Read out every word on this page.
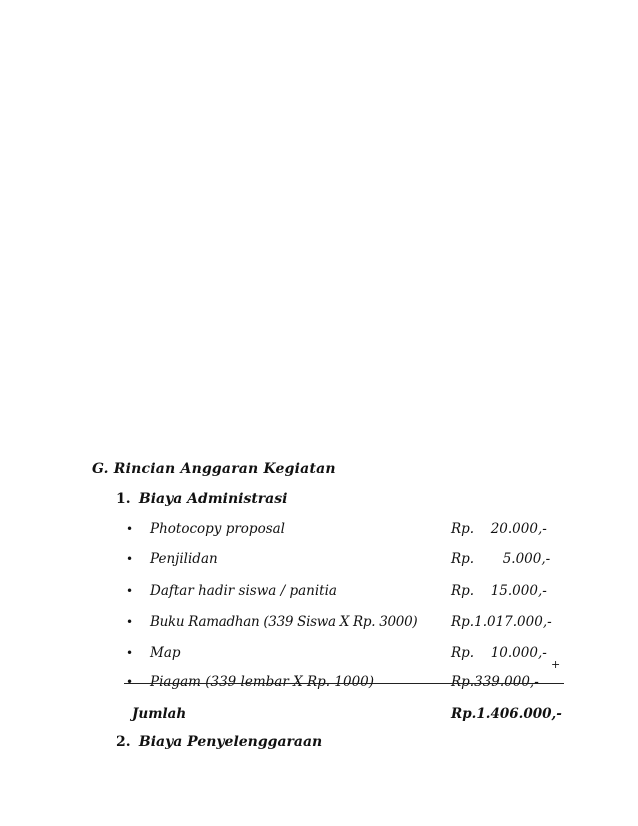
G. Rincian Anggaran Kegiatan
1. Biaya Administrasi
• Photocopy proposal	Rp. 20.000,-
• Penjilidan	Rp. 5.000,-
• Daftar hadir siswa / panitia	Rp. 15.000,-
• Buku Ramadhan (339 Siswa X Rp. 3000) Rp.1.017.000,-
• Map	Rp. 10.000,-
+
• Piagam (339 lembar X Rp. 1000)	Rp.339.000,-
Jumlah	Rp.1.406.000,-
2. Biaya Penyelenggaraan
